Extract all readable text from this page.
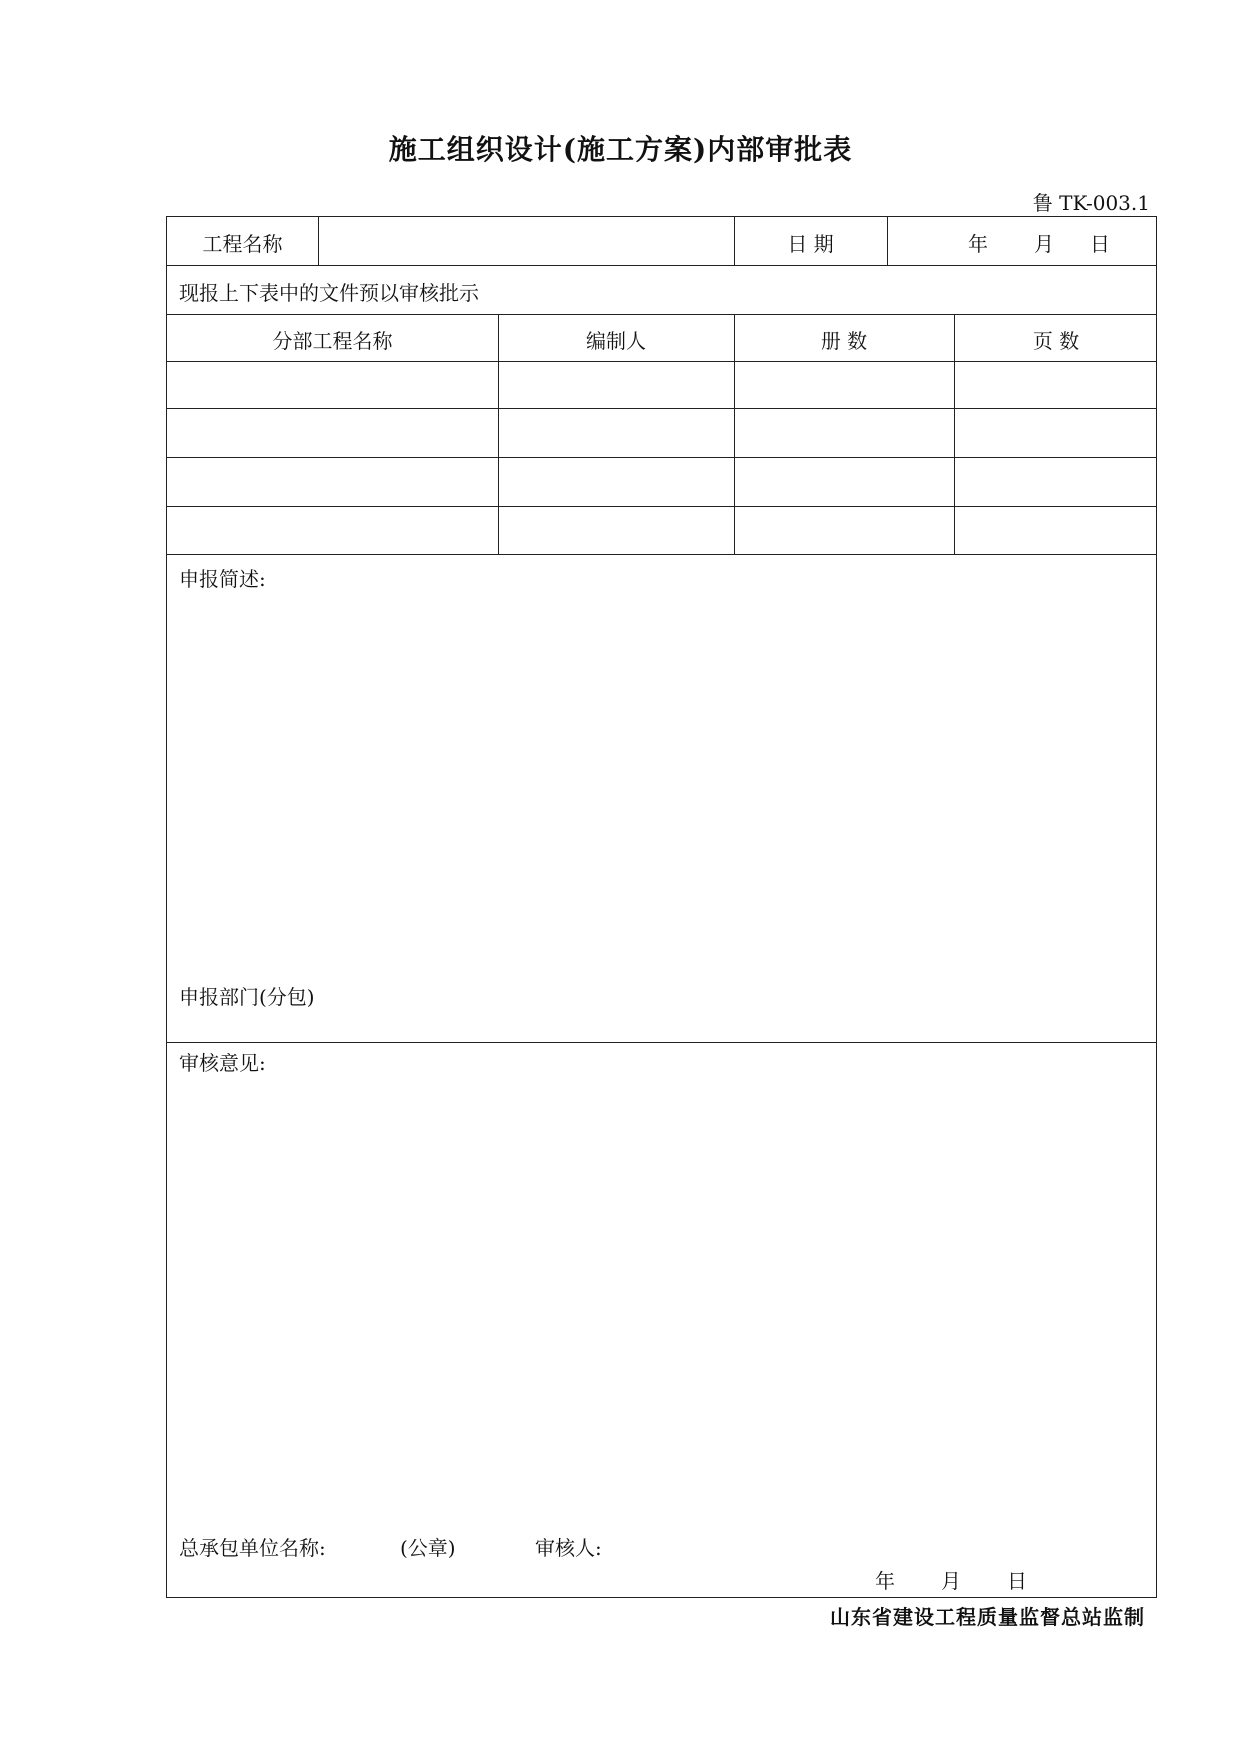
施工组织设计(施工方案)内部审批表
鲁 TK-003.1
工程名称	日 期	年 月 日
现报上下表中的文件预以审核批示
分部工程名称	编制人	册 数	页 数
申报简述:
申报部门(分包)
审核意见:
总承包单位名称:	(公章)	审核人:
年 月 日
山东省建设工程质量监督总站监制
